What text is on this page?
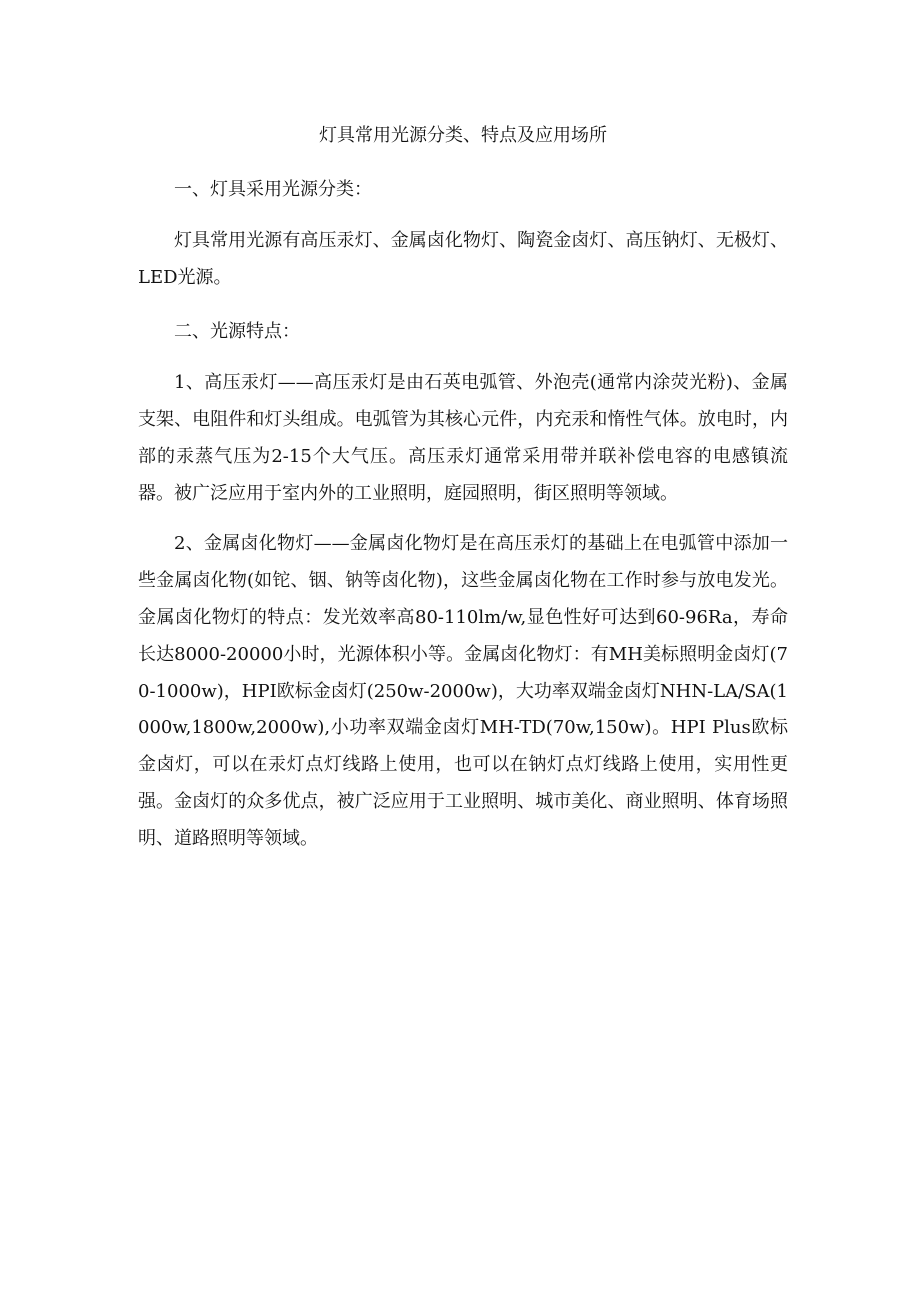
灯具常用光源分类、特点及应用场所

一、灯具采用光源分类：

灯具常用光源有高压汞灯、金属卤化物灯、陶瓷金卤灯、高压钠灯、无极灯、LED光源。

二、光源特点：

1、高压汞灯——高压汞灯是由石英电弧管、外泡壳(通常内涂荧光粉)、金属支架、电阻件和灯头组成。电弧管为其核心元件，内充汞和惰性气体。放电时，内部的汞蒸气压为2-15个大气压。高压汞灯通常采用带并联补偿电容的电感镇流器。被广泛应用于室内外的工业照明，庭园照明，街区照明等领域。

2、金属卤化物灯——金属卤化物灯是在高压汞灯的基础上在电弧管中添加一些金属卤化物(如铊、铟、钠等卤化物)，这些金属卤化物在工作时参与放电发光。金属卤化物灯的特点：发光效率高80-110lm/w,显色性好可达到60-96Ra，寿命长达8000-20000小时，光源体积小等。金属卤化物灯：有MH美标照明金卤灯(70-1000w)，HPI欧标金卤灯(250w-2000w)，大功率双端金卤灯NHN-LA/SA(1000w,1800w,2000w),小功率双端金卤灯MH-TD(70w,150w)。HPI Plus欧标金卤灯，可以在汞灯点灯线路上使用，也可以在钠灯点灯线路上使用，实用性更强。金卤灯的众多优点，被广泛应用于工业照明、城市美化、商业照明、体育场照明、道路照明等领域。
